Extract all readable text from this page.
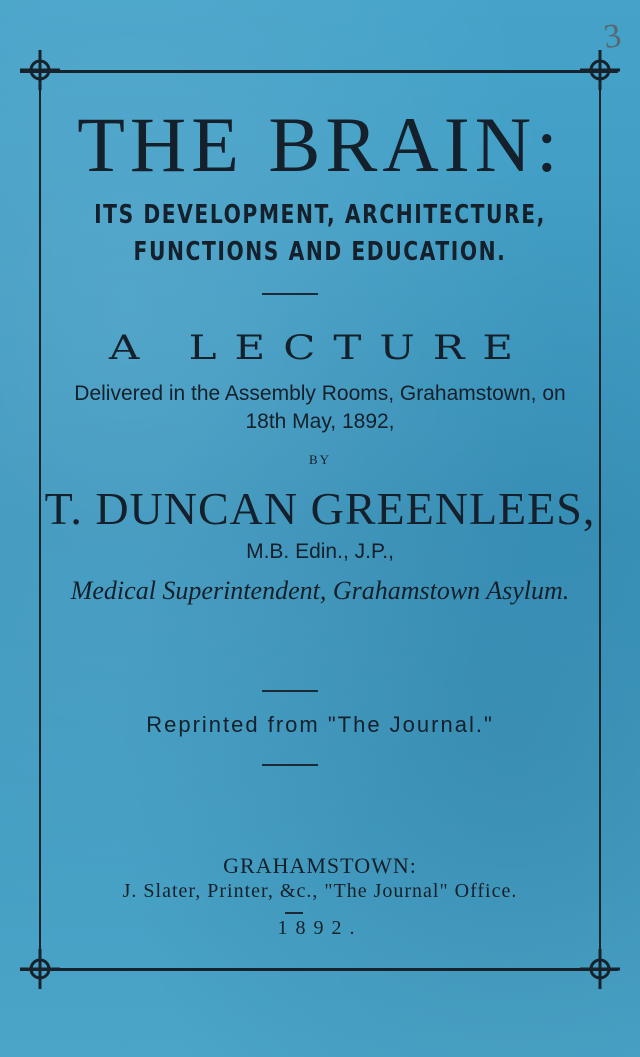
3
THE BRAIN:
ITS DEVELOPMENT, ARCHITECTURE,
FUNCTIONS AND EDUCATION.
A LECTURE
Delivered in the Assembly Rooms, Grahamstown, on
18th May, 1892,
BY
T. DUNCAN GREENLEES,
M.B. Edin., J.P.,
Medical Superintendent, Grahamstown Asylum.
Reprinted from "The Journal."
GRAHAMSTOWN:
J. Slater, Printer, &c., "The Journal" Office.
1892.
